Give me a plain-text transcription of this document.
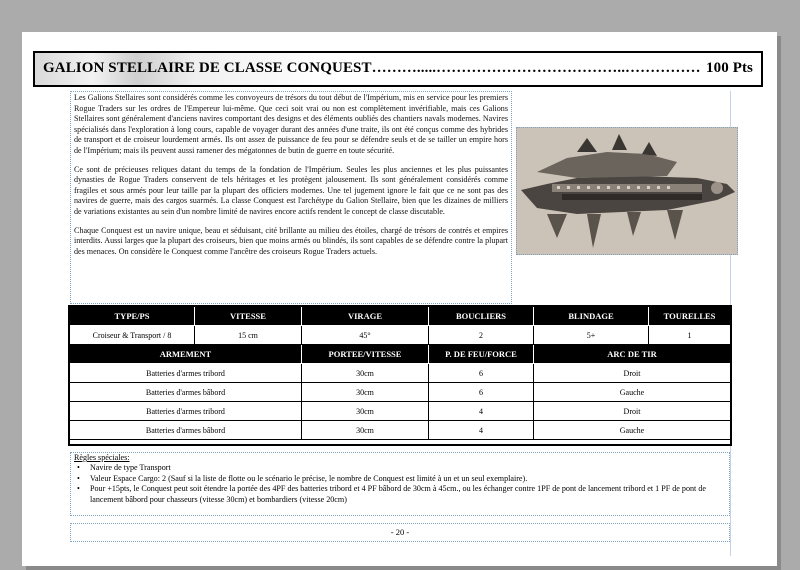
GALION STELLAIRE DE CLASSE CONQUEST……….....………………………………..…………… 100 Pts

Les Galions Stellaires sont considérés comme les convoyeurs de trésors du tout début de l'Impérium, mis en service pour les premiers Rogue Traders sur les ordres de l'Empereur lui-même. Que ceci soit vrai ou non est complètement invérifiable, mais ces Galions Stellaires sont généralement d'anciens navires comportant des designs et des éléments oubliés des chantiers navals modernes. Navires spécialisés dans l'exploration à long cours, capable de voyager durant des années d'une traite, ils ont été conçus comme des hybrides de transport et de croiseur lourdement armés. Ils ont assez de puissance de feu pour se défendre seuls et de se tailler un empire hors de l'Impérium; mais ils peuvent aussi ramener des mégatonnes de butin de guerre en toute sécurité.

Ce sont de précieuses reliques datant du temps de la fondation de l'Impérium. Seules les plus anciennes et les plus puissantes dynasties de Rogue Traders conservent de tels héritages et les protègent jalousement. Ils sont généralement considérés comme fragiles et sous armés pour leur taille par la plupart des officiers modernes. Une tel jugement ignore le fait que ce ne sont pas des navires de guerre, mais des cargos suarmés. La classe Conquest est l'archétype du Galion Stellaire, bien que les dizaines de milliers de variations existantes au sein d'un nombre limité de navires encore actifs rendent le concept de classe discutable.

Chaque Conquest est un navire unique, beau et séduisant, cité brillante au milieu des étoiles, chargé de trésors de contrés et empires interdits. Aussi larges que la plupart des croiseurs, bien que moins armés ou blindés, ils sont capables de se défendre contre la plupart des menaces. On considère le Conquest comme l'ancêtre des croiseurs Rogue Traders actuels.

TYPE/PS	VITESSE	VIRAGE	BOUCLIERS	BLINDAGE	TOURELLES
Croiseur & Transport / 8	15 cm	45°	2	5+	1
ARMEMENT		PORTEE/VITESSE	P. DE FEU/FORCE	ARC DE TIR	
Batteries d'armes tribord		30cm	6	Droit	
Batteries d'armes bâbord		30cm	6	Gauche	
Batteries d'armes tribord		30cm	4	Droit	
Batteries d'armes bâbord		30cm	4	Gauche	
Règles spéciales:
• Navire de type Transport
• Valeur Espace Cargo: 2 (Sauf si la liste de flotte ou le scénario le précise, le nombre de Conquest est limité à un et un seul exemplaire).
• Pour +15pts, le Conquest peut soit étendre la portée des 4PF des batteries tribord et 4 PF bâbord de 30cm à 45cm., ou les échanger contre 1PF de pont de lancement tribord et 1 PF de pont de lancement bâbord pour chasseurs (vitesse 30cm) et bombardiers (vitesse 20cm)
- 20 -
